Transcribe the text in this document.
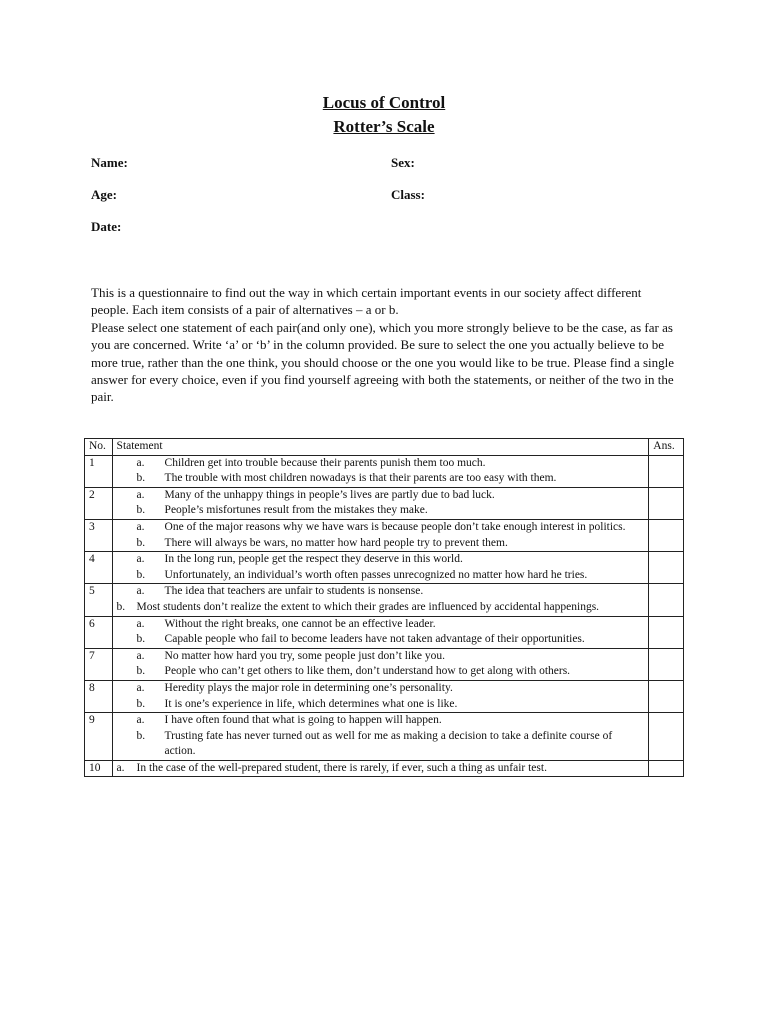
Locus of Control
Rotter’s Scale
Name:	Sex:
Age:	Class:
Date:

This is a questionnaire to find out the way in which certain important events in our society affect different people. Each item consists of a pair of alternatives – a or b.

Please select one statement of each pair(and only one), which you more strongly believe to be the case, as far as you are concerned. Write ‘a’ or ‘b’ in the column provided. Be sure to select the one you actually believe to be more true, rather than the one think, you should choose or the one you would like to be true. Please find a single answer for every choice, even if you find yourself agreeing with both the statements, or neither of the two in the pair.

No.	Statement	Ans.
1	a. Children get into trouble because their parents punish them too much.
b. The trouble with most children nowadays is that their parents are too easy with them.	

2	a. Many of the unhappy things in people’s lives are partly due to bad luck.
b. People’s misfortunes result from the mistakes they make.	

3	a. One of the major reasons why we have wars is because people don’t take enough interest in politics.
b. There will always be wars, no matter how hard people try to prevent them.	

4	a. In the long run, people get the respect they deserve in this world.
b. Unfortunately, an individual’s worth often passes unrecognized no matter how hard he tries.	

5	a. The idea that teachers are unfair to students is nonsense.
b. Most students don’t realize the extent to which their grades are influenced by accidental happenings.	

6	a. Without the right breaks, one cannot be an effective leader.
b. Capable people who fail to become leaders have not taken advantage of their opportunities.	

7	a. No matter how hard you try, some people just don’t like you.
b. People who can’t get others to like them, don’t understand how to get along with others.	

8	a. Heredity plays the major role in determining one’s personality.
b. It is one’s experience in life, which determines what one is like.	

9	a. I have often found that what is going to happen will happen.
b. Trusting fate has never turned out as well for me as making a decision to take a definite course of action.	

10	a. In the case of the well-prepared student, there is rarely, if ever, such a thing as unfair test.	
